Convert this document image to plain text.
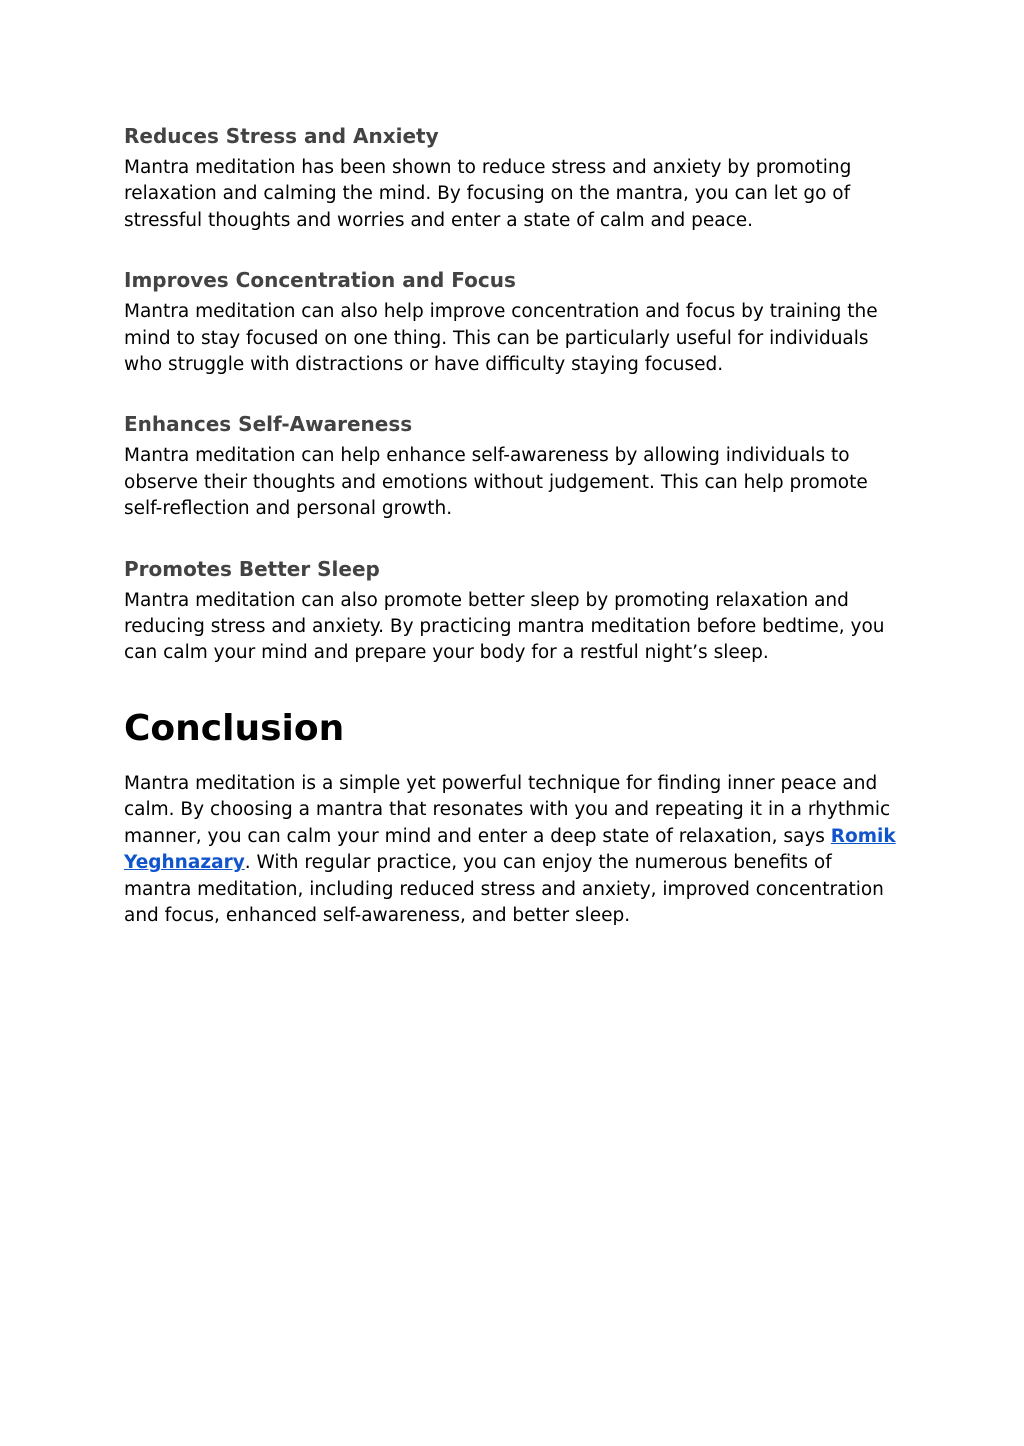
Reduces Stress and Anxiety

Mantra meditation has been shown to reduce stress and anxiety by promoting relaxation and calming the mind. By focusing on the mantra, you can let go of stressful thoughts and worries and enter a state of calm and peace.

Improves Concentration and Focus

Mantra meditation can also help improve concentration and focus by training the mind to stay focused on one thing. This can be particularly useful for individuals who struggle with distractions or have difficulty staying focused.

Enhances Self-Awareness

Mantra meditation can help enhance self-awareness by allowing individuals to observe their thoughts and emotions without judgement. This can help promote self-reflection and personal growth.

Promotes Better Sleep

Mantra meditation can also promote better sleep by promoting relaxation and reducing stress and anxiety. By practicing mantra meditation before bedtime, you can calm your mind and prepare your body for a restful night’s sleep.

Conclusion

Mantra meditation is a simple yet powerful technique for finding inner peace and calm. By choosing a mantra that resonates with you and repeating it in a rhythmic manner, you can calm your mind and enter a deep state of relaxation, says Romik Yeghnazary. With regular practice, you can enjoy the numerous benefits of mantra meditation, including reduced stress and anxiety, improved concentration and focus, enhanced self-awareness, and better sleep.
